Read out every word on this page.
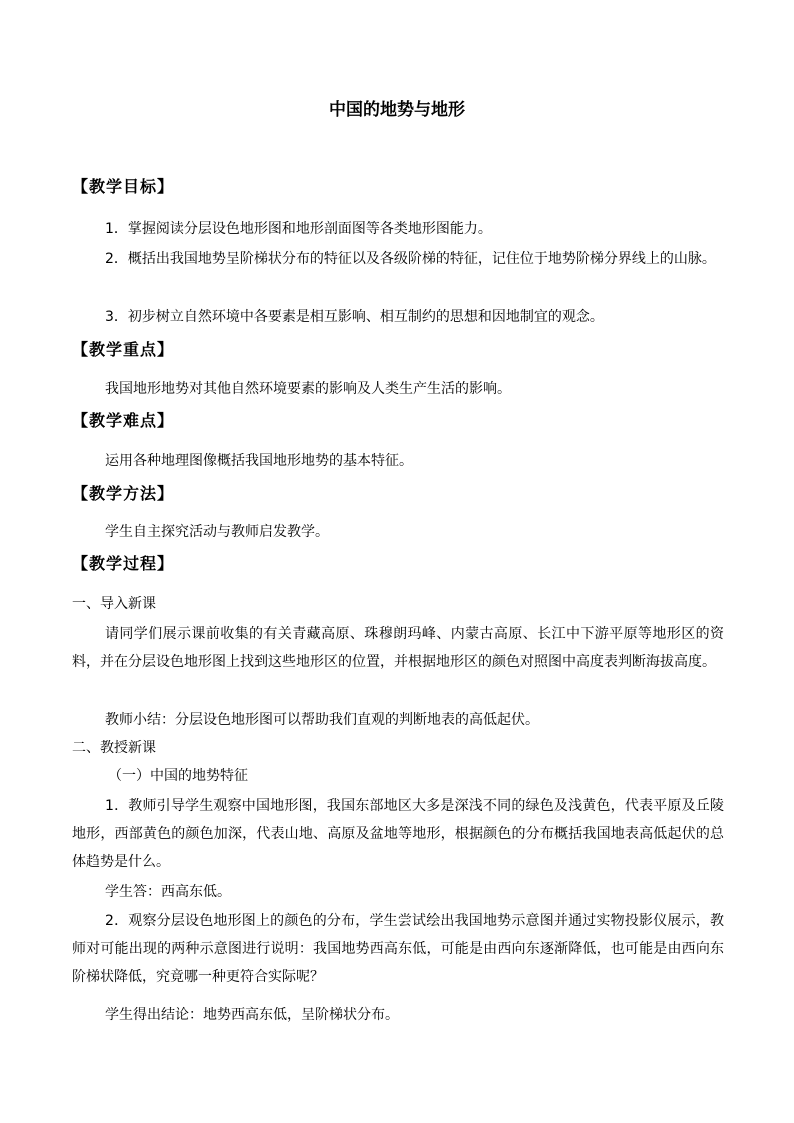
中国的地势与地形
【教学目标】
1．掌握阅读分层设色地形图和地形剖面图等各类地形图能力。
2．概括出我国地势呈阶梯状分布的特征以及各级阶梯的特征，记住位于地势阶梯分界线上的山脉。
3．初步树立自然环境中各要素是相互影响、相互制约的思想和因地制宜的观念。
【教学重点】
我国地形地势对其他自然环境要素的影响及人类生产生活的影响。
【教学难点】
运用各种地理图像概括我国地形地势的基本特征。
【教学方法】
学生自主探究活动与教师启发教学。
【教学过程】
一、导入新课
请同学们展示课前收集的有关青藏高原、珠穆朗玛峰、内蒙古高原、长江中下游平原等地形区的资料，并在分层设色地形图上找到这些地形区的位置，并根据地形区的颜色对照图中高度表判断海拔高度。
教师小结：分层设色地形图可以帮助我们直观的判断地表的高低起伏。
二、教授新课
（一）中国的地势特征
1．教师引导学生观察中国地形图，我国东部地区大多是深浅不同的绿色及浅黄色，代表平原及丘陵地形，西部黄色的颜色加深，代表山地、高原及盆地等地形，根据颜色的分布概括我国地表高低起伏的总体趋势是什么。
学生答：西高东低。
2．观察分层设色地形图上的颜色的分布，学生尝试绘出我国地势示意图并通过实物投影仪展示，教师对可能出现的两种示意图进行说明：我国地势西高东低，可能是由西向东逐渐降低，也可能是由西向东阶梯状降低，究竟哪一种更符合实际呢？
学生得出结论：地势西高东低，呈阶梯状分布。
